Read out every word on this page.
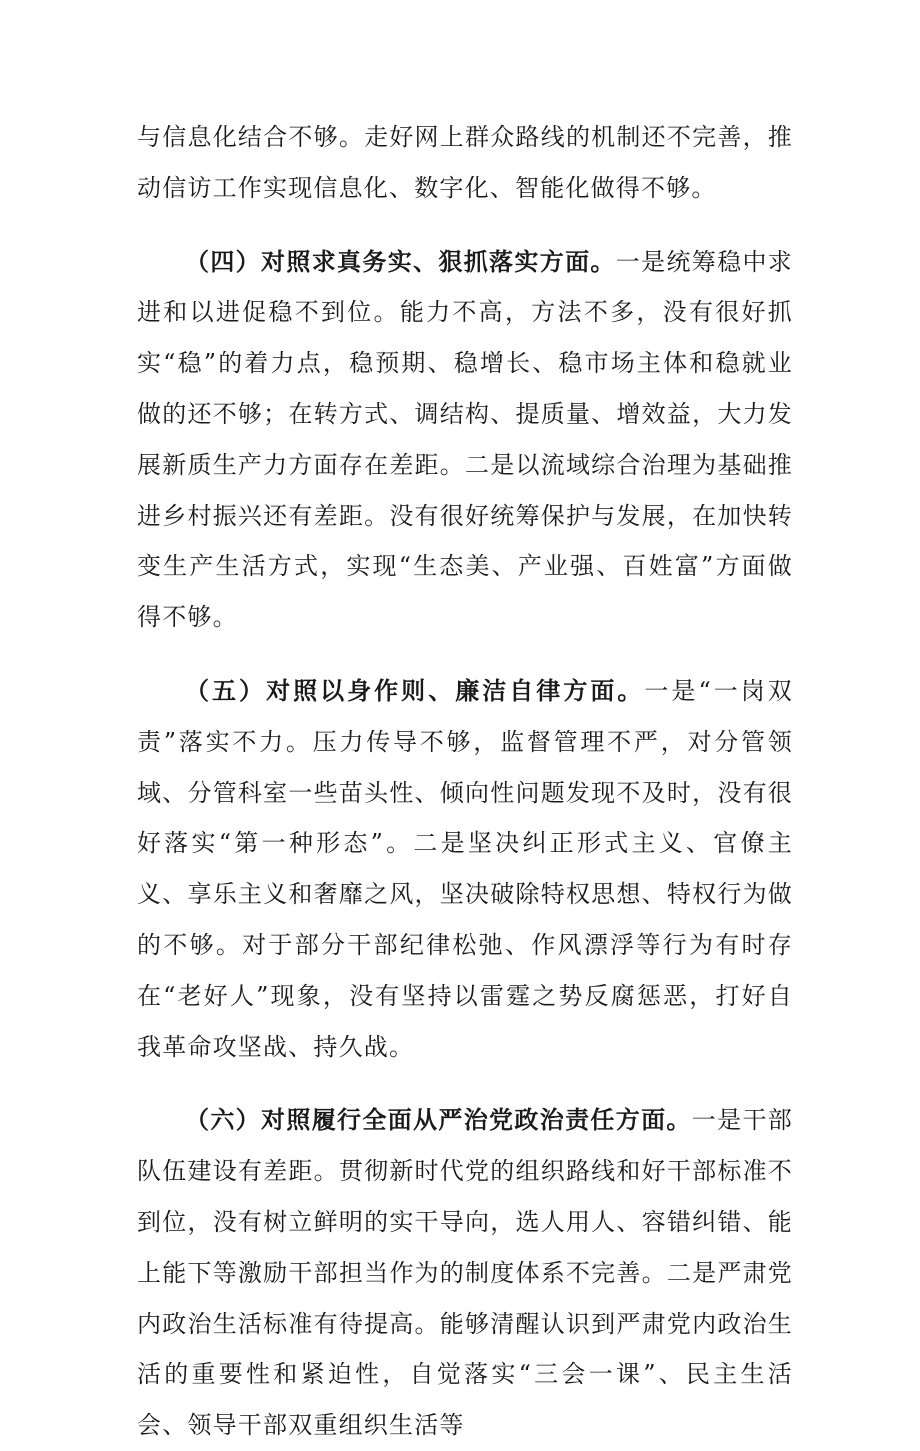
与信息化结合不够。走好网上群众路线的机制还不完善，推动信访工作实现信息化、数字化、智能化做得不够。

（四）对照求真务实、狠抓落实方面。一是统筹稳中求进和以进促稳不到位。能力不高，方法不多，没有很好抓实“稳”的着力点，稳预期、稳增长、稳市场主体和稳就业做的还不够；在转方式、调结构、提质量、增效益，大力发展新质生产力方面存在差距。二是以流域综合治理为基础推进乡村振兴还有差距。没有很好统筹保护与发展，在加快转变生产生活方式，实现“生态美、产业强、百姓富”方面做得不够。

（五）对照以身作则、廉洁自律方面。一是“一岗双责”落实不力。压力传导不够，监督管理不严，对分管领域、分管科室一些苗头性、倾向性问题发现不及时，没有很好落实“第一种形态”。二是坚决纠正形式主义、官僚主义、享乐主义和奢靡之风，坚决破除特权思想、特权行为做的不够。对于部分干部纪律松弛、作风漂浮等行为有时存在“老好人”现象，没有坚持以雷霆之势反腐惩恶，打好自我革命攻坚战、持久战。

（六）对照履行全面从严治党政治责任方面。一是干部队伍建设有差距。贯彻新时代党的组织路线和好干部标准不到位，没有树立鲜明的实干导向，选人用人、容错纠错、能上能下等激励干部担当作为的制度体系不完善。二是严肃党内政治生活标准有待提高。能够清醒认识到严肃党内政治生活的重要性和紧迫性，自觉落实“三会一课”、民主生活会、领导干部双重组织生活等
